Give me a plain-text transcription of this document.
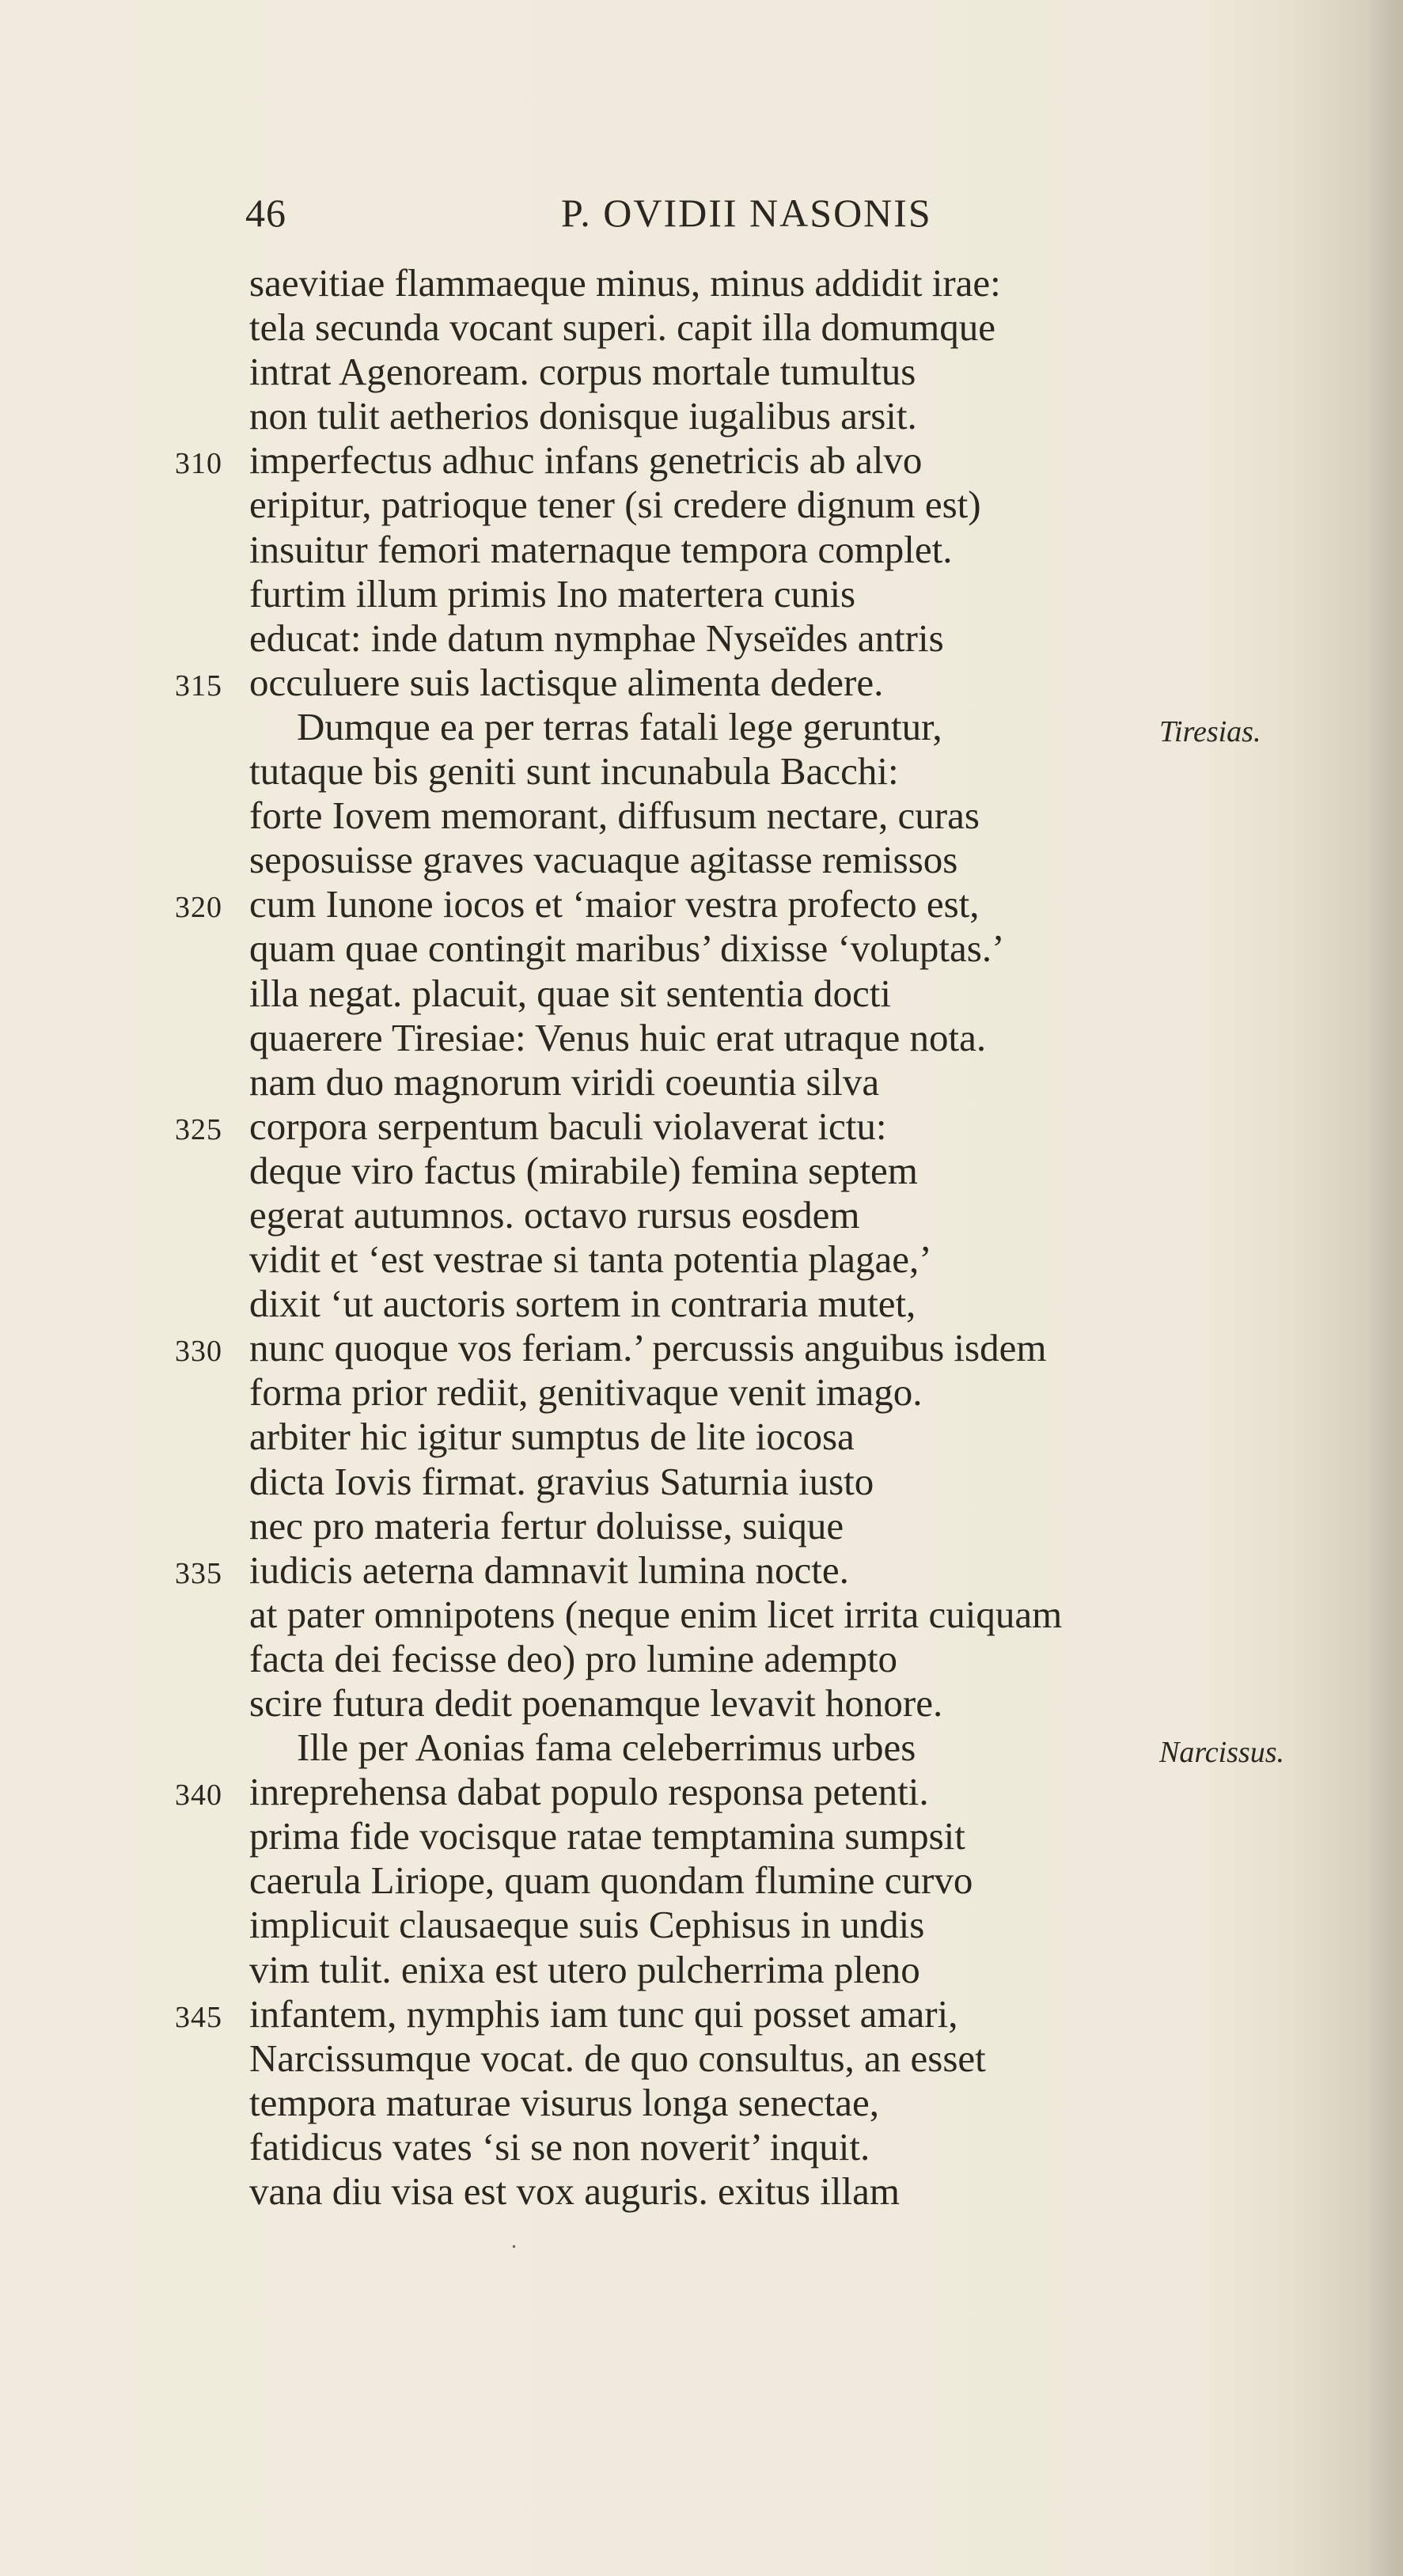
46	P. OVIDII NASONIS
saevitiae flammaeque minus, minus addidit irae:
tela secunda vocant superi. capit illa domumque
intrat Agenoream. corpus mortale tumultus
non tulit aetherios donisque iugalibus arsit.
310 imperfectus adhuc infans genetricis ab alvo
eripitur, patrioque tener (si credere dignum est)
insuitur femori maternaque tempora complet.
furtim illum primis Ino matertera cunis
educat: inde datum nymphae Nyseïdes antris
315 occuluere suis lactisque alimenta dedere.
Dumque ea per terras fatali lege geruntur,	Tiresias.
tutaque bis geniti sunt incunabula Bacchi:
forte Iovem memorant, diffusum nectare, curas
seposuisse graves vacuaque agitasse remissos
320 cum Iunone iocos et ‘maior vestra profecto est,
quam quae contingit maribus’ dixisse ‘voluptas.’
illa negat. placuit, quae sit sententia docti
quaerere Tiresiae: Venus huic erat utraque nota.
nam duo magnorum viridi coeuntia silva
325 corpora serpentum baculi violaverat ictu:
deque viro factus (mirabile) femina septem
egerat autumnos. octavo rursus eosdem
vidit et ‘est vestrae si tanta potentia plagae,’
dixit ‘ut auctoris sortem in contraria mutet,
330 nunc quoque vos feriam.’ percussis anguibus isdem
forma prior rediit, genitivaque venit imago.
arbiter hic igitur sumptus de lite iocosa
dicta Iovis firmat. gravius Saturnia iusto
nec pro materia fertur doluisse, suique
335 iudicis aeterna damnavit lumina nocte.
at pater omnipotens (neque enim licet irrita cuiquam
facta dei fecisse deo) pro lumine adempto
scire futura dedit poenamque levavit honore.
Ille per Aonias fama celeberrimus urbes	Narcissus.
340 inreprehensa dabat populo responsa petenti.
prima fide vocisque ratae temptamina sumpsit
caerula Liriope, quam quondam flumine curvo
implicuit clausaeque suis Cephisus in undis
vim tulit. enixa est utero pulcherrima pleno
345 infantem, nymphis iam tunc qui posset amari,
Narcissumque vocat. de quo consultus, an esset
tempora maturae visurus longa senectae,
fatidicus vates ‘si se non noverit’ inquit.
vana diu visa est vox auguris. exitus illam
